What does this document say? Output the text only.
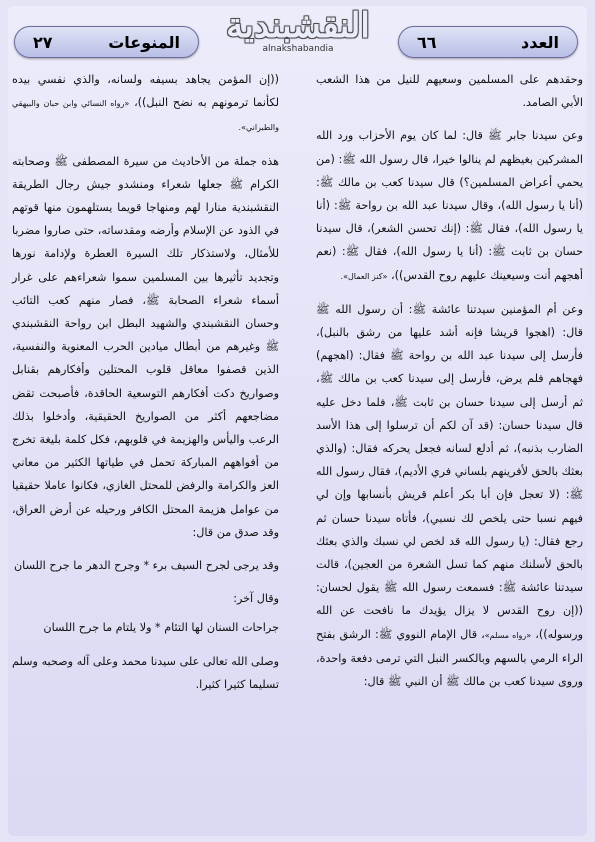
٢٧	المنوعات	النقشبندية
alnakshabandia	٦٦	العدد

وحقدهم على المسلمين وسعيهم للنيل من هذا الشعب الأبي الصامد.

وعن سيدنا جابر ﷺ قال: لما كان يوم الأحزاب ورد الله المشركين بغيظهم لم ينالوا خيرا، قال رسول الله ﷺ: (من يحمي أعراض المسلمين؟) قال سيدنا كعب بن مالك ﷺ: (أنا يا رسول الله)، وقال سيدنا عبد الله بن رواحة ﷺ: (أنا يا رسول الله)، فقال ﷺ: (إنك تحسن الشعر)، قال سيدنا حسان بن ثابت ﷺ: (أنا يا رسول الله)، فقال ﷺ: (نعم أهجهم أنت وسيعينك عليهم روح القدس))، «كنز العمال».

وعن أم المؤمنين سيدتنا عائشة ﷺ: أن رسول الله ﷺ قال: (اهجوا قريشا فإنه أشد عليها من رشق بالنبل)، فأرسل إلى سيدنا عبد الله بن رواحة ﷺ فقال: (اهجهم) فهجاهم فلم يرض، فأرسل إلى سيدنا كعب بن مالك ﷺ، ثم أرسل إلى سيدنا حسان بن ثابت ﷺ، فلما دخل عليه قال سيدنا حسان: (قد آن لكم أن ترسلوا إلى هذا الأسد الضارب بذنبه)، ثم أدلع لسانه فجعل يحركه فقال: (والذي بعثك بالحق لأفرينهم بلساني فري الأديم)، فقال رسول الله ﷺ: (لا تعجل فإن أبا بكر أعلم قريش بأنسابها وإن لي فيهم نسبا حتى يلخص لك نسبي)، فأتاه سيدنا حسان ثم رجع فقال: (يا رسول الله قد لخص لي نسبك والذي بعثك بالحق لأسلنك منهم كما تسل الشعرة من العجين)، قالت سيدتنا عائشة ﷺ: فسمعت رسول الله ﷺ يقول لحسان: ((إن روح القدس لا يزال يؤيدك ما نافحت عن الله ورسوله))، «رواه مسلم»، قال الإمام النووي ﷺ: الرشق بفتح الراء الرمي بالسهم وبالكسر النبل التي ترمى دفعة واحدة، وروى سيدنا كعب بن مالك ﷺ أن النبي ﷺ قال:

((إن المؤمن يجاهد بسيفه ولسانه، والذي نفسي بيده لكأنما ترمونهم به نضح النبل))، «رواه النسائي وابن حبان والبيهقي والطبراني».

هذه جملة من الأحاديث من سيرة المصطفى ﷺ وصحابته الكرام ﷺ جعلها شعراء ومنشدو جيش رجال الطريقة النقشبندية منارا لهم ومنهاجا قويما يستلهمون منها قوتهم في الذود عن الإسلام وأرضه ومقدساته، حتى صاروا مضربا للأمثال، ولاستذكار تلك السيرة العطرة ولإدامة نورها وتجديد تأثيرها بين المسلمين سموا شعراءهم على غرار أسماء شعراء الصحابة ﷺ، فصار منهم كعب التائب وحسان النقشبندي والشهيد البطل ابن رواحة النقشبندي ﷺ وغيرهم من أبطال ميادين الحرب المعنوية والنفسية، الذين قصفوا معاقل قلوب المحتلين وأفكارهم بقنابل وصواريخ دكت أفكارهم التوسعية الحاقدة، فأصبحت تقض مضاجعهم أكثر من الصواريخ الحقيقية، وأدخلوا بذلك الرعب واليأس والهزيمة في قلوبهم، فكل كلمة بليغة تخرج من أفواههم المباركة تحمل في طياتها الكثير من معاني العز والكرامة والرفض للمحتل الغازي، فكانوا عاملا حقيقيا من عوامل هزيمة المحتل الكافر ورحيله عن أرض العراق، وقد صدق من قال:

وقد يرجى لجرح السيف برء * وجرح الدهر ما جرح اللسان

وقال آخر:

جراحات السنان لها التئام * ولا يلتام ما جرح اللسان

وصلى الله تعالى على سيدنا محمد وعلى آله وصحبه وسلم تسليما كثيرا كثيرا.
